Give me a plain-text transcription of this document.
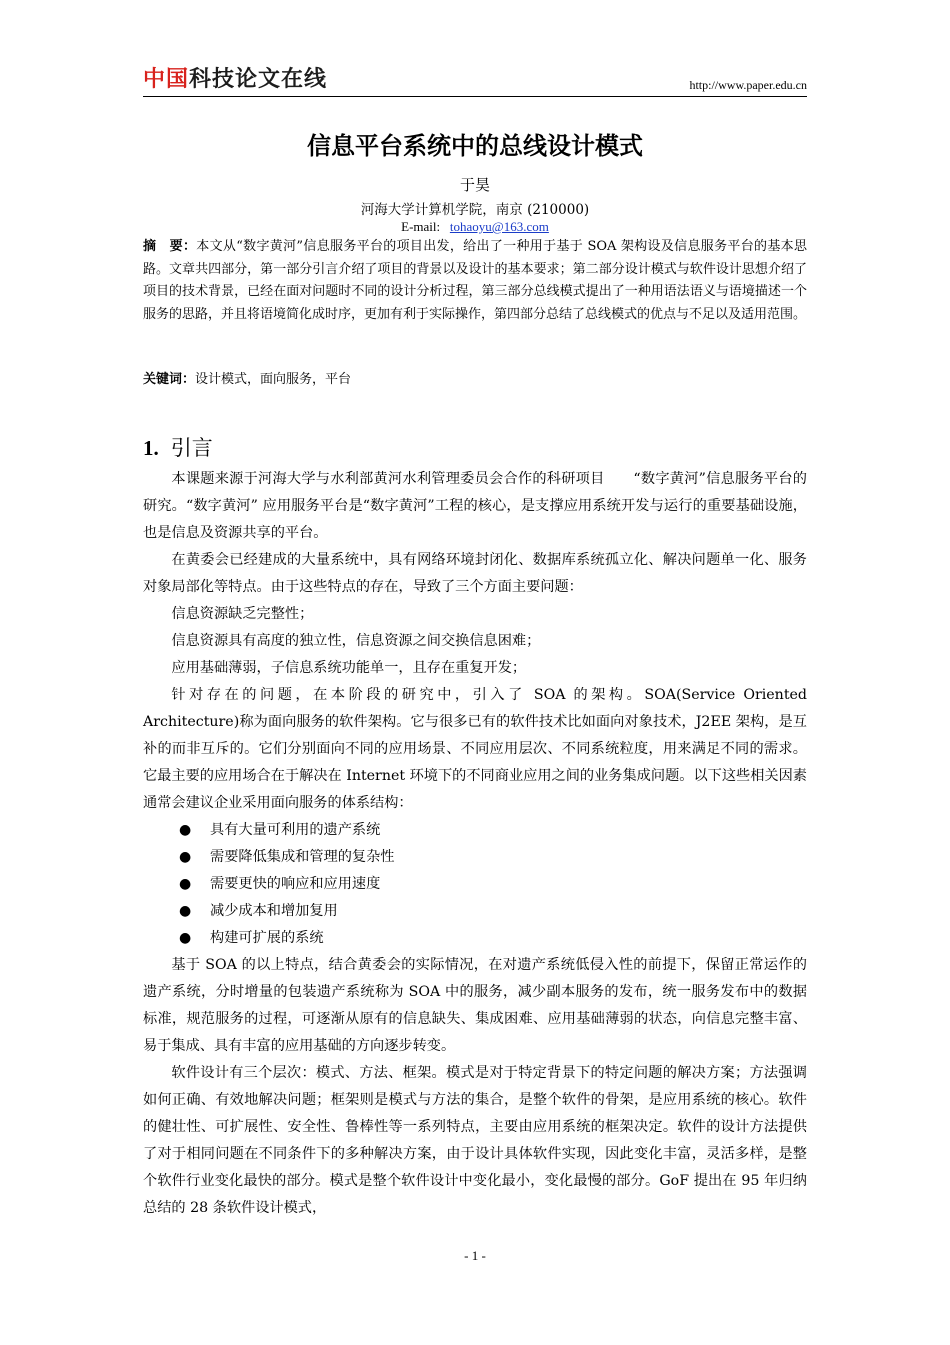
中国科技论文在线	http://www.paper.edu.cn
信息平台系统中的总线设计模式
于昊
河海大学计算机学院，南京 (210000)
E-mail: tohaoyu@163.com
摘　要：本文从“数字黄河”信息服务平台的项目出发，给出了一种用于基于 SOA 架构设及信息服务平台的基本思路。文章共四部分，第一部分引言介绍了项目的背景以及设计的基本要求；第二部分设计模式与软件设计思想介绍了项目的技术背景，已经在面对问题时不同的设计分析过程，第三部分总线模式提出了一种用语法语义与语境描述一个服务的思路，并且将语境简化成时序，更加有利于实际操作，第四部分总结了总线模式的优点与不足以及适用范围。
关键词：设计模式，面向服务，平台
1. 引言

本课题来源于河海大学与水利部黄河水利管理委员会合作的科研项目　　“数字黄河”信息服务平台的研究。“数字黄河” 应用服务平台是“数字黄河”工程的核心，是支撑应用系统开发与运行的重要基础设施，也是信息及资源共享的平台。

在黄委会已经建成的大量系统中，具有网络环境封闭化、数据库系统孤立化、解决问题单一化、服务对象局部化等特点。由于这些特点的存在，导致了三个方面主要问题：

信息资源缺乏完整性；

信息资源具有高度的独立性，信息资源之间交换信息困难；

应用基础薄弱，子信息系统功能单一，且存在重复开发；

针对存在的问题，在本阶段的研究中，引入了 SOA 的架构。SOA(Service Oriented Architecture)称为面向服务的软件架构。它与很多已有的软件技术比如面向对象技术，J2EE 架构，是互补的而非互斥的。它们分别面向不同的应用场景、不同应用层次、不同系统粒度，用来满足不同的需求。它最主要的应用场合在于解决在 Internet 环境下的不同商业应用之间的业务集成问题。以下这些相关因素通常会建议企业采用面向服务的体系结构：

● 具有大量可利用的遗产系统
● 需要降低集成和管理的复杂性
● 需要更快的响应和应用速度
● 减少成本和增加复用
● 构建可扩展的系统

基于 SOA 的以上特点，结合黄委会的实际情况，在对遗产系统低侵入性的前提下，保留正常运作的遗产系统，分时增量的包装遗产系统称为 SOA 中的服务，减少副本服务的发布，统一服务发布中的数据标准，规范服务的过程，可逐渐从原有的信息缺失、集成困难、应用基础薄弱的状态，向信息完整丰富、易于集成、具有丰富的应用基础的方向逐步转变。

软件设计有三个层次：模式、方法、框架。模式是对于特定背景下的特定问题的解决方案；方法强调如何正确、有效地解决问题；框架则是模式与方法的集合，是整个软件的骨架，是应用系统的核心。软件的健壮性、可扩展性、安全性、鲁棒性等一系列特点，主要由应用系统的框架决定。软件的设计方法提供了对于相同问题在不同条件下的多种解决方案，由于设计具体软件实现，因此变化丰富，灵活多样，是整个软件行业变化最快的部分。模式是整个软件设计中变化最小，变化最慢的部分。GoF 提出在 95 年归纳总结的 28 条软件设计模式，

- 1 -
